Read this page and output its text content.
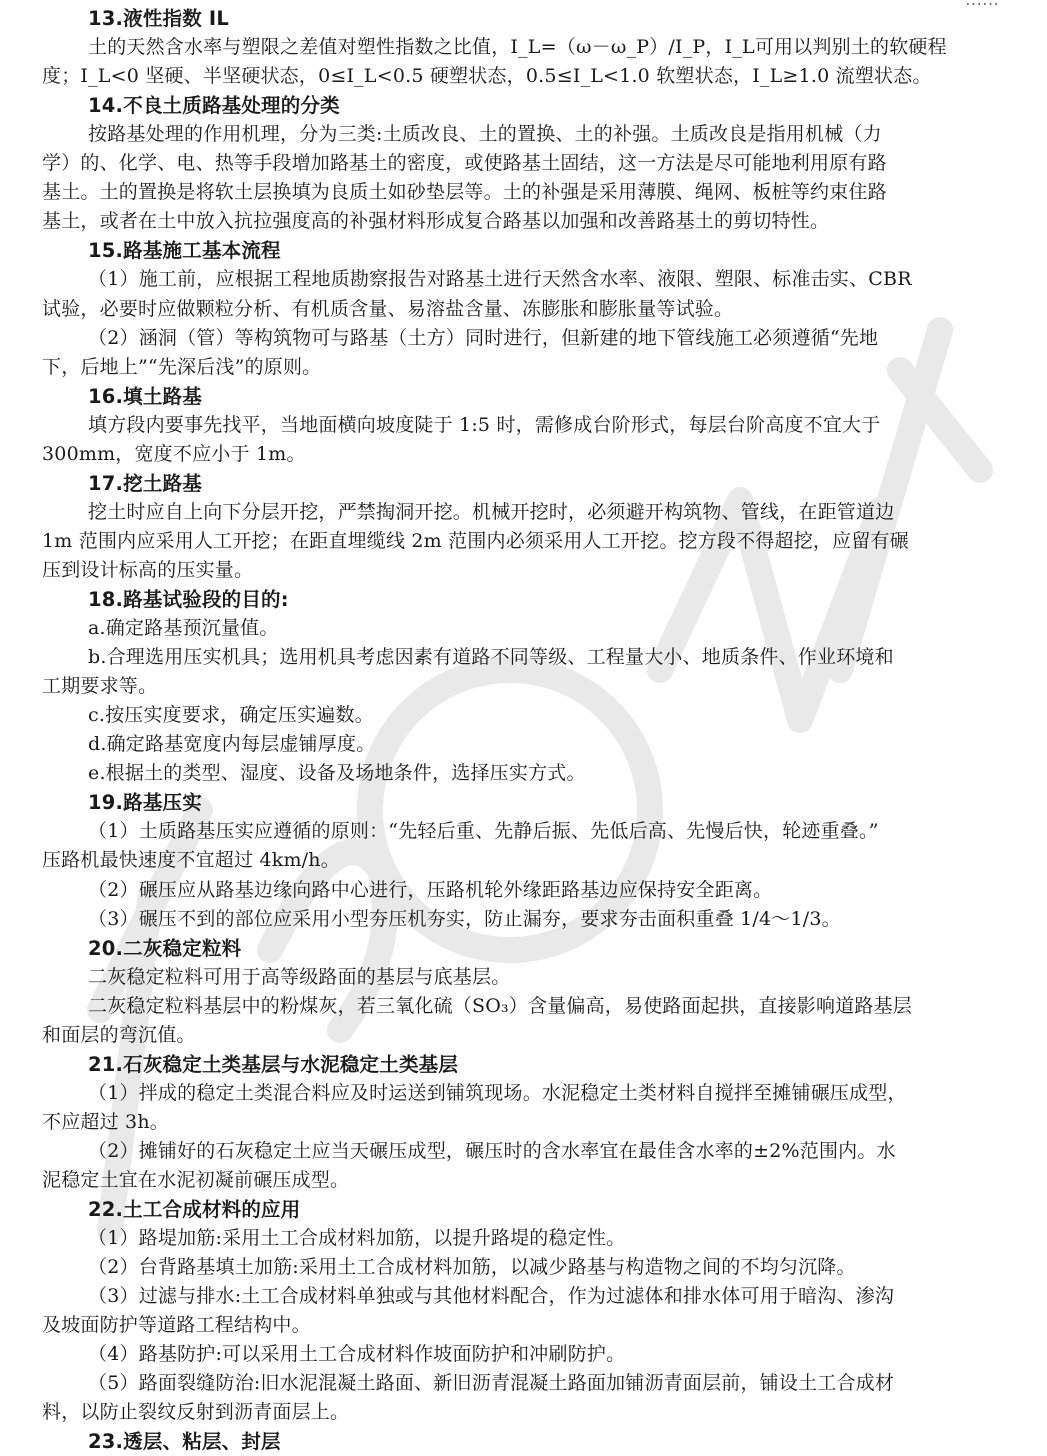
……
13.液性指数 IL
土的天然含水率与塑限之差值对塑性指数之比值，I_L=（ω－ω_P）/I_P，I_L可用以判别土的软硬程
度；I_L<0 坚硬、半坚硬状态，0≤I_L<0.5 硬塑状态，0.5≤I_L<1.0 软塑状态，I_L≥1.0 流塑状态。
14.不良土质路基处理的分类
按路基处理的作用机理，分为三类:土质改良、土的置换、土的补强。土质改良是指用机械（力
学）的、化学、电、热等手段增加路基土的密度，或使路基土固结，这一方法是尽可能地利用原有路
基土。土的置换是将软土层换填为良质土如砂垫层等。土的补强是采用薄膜、绳网、板桩等约束住路
基土，或者在土中放入抗拉强度高的补强材料形成复合路基以加强和改善路基土的剪切特性。
15.路基施工基本流程
（1）施工前，应根据工程地质勘察报告对路基土进行天然含水率、液限、塑限、标准击实、CBR
试验，必要时应做颗粒分析、有机质含量、易溶盐含量、冻膨胀和膨胀量等试验。
（2）涵洞（管）等构筑物可与路基（土方）同时进行，但新建的地下管线施工必须遵循“先地
下，后地上”“先深后浅”的原则。
16.填土路基
填方段内要事先找平，当地面横向坡度陡于 1:5 时，需修成台阶形式，每层台阶高度不宜大于
300mm，宽度不应小于 1m。
17.挖土路基
挖土时应自上向下分层开挖，严禁掏洞开挖。机械开挖时，必须避开构筑物、管线，在距管道边
1m 范围内应采用人工开挖；在距直埋缆线 2m 范围内必须采用人工开挖。挖方段不得超挖，应留有碾
压到设计标高的压实量。
18.路基试验段的目的:
a.确定路基预沉量值。
b.合理选用压实机具；选用机具考虑因素有道路不同等级、工程量大小、地质条件、作业环境和
工期要求等。
c.按压实度要求，确定压实遍数。
d.确定路基宽度内每层虚铺厚度。
e.根据土的类型、湿度、设备及场地条件，选择压实方式。
19.路基压实
（1）土质路基压实应遵循的原则：“先轻后重、先静后振、先低后高、先慢后快，轮迹重叠。”
压路机最快速度不宜超过 4km/h。
（2）碾压应从路基边缘向路中心进行，压路机轮外缘距路基边应保持安全距离。
（3）碾压不到的部位应采用小型夯压机夯实，防止漏夯，要求夯击面积重叠 1/4～1/3。
20.二灰稳定粒料
二灰稳定粒料可用于高等级路面的基层与底基层。
二灰稳定粒料基层中的粉煤灰，若三氧化硫（SO₃）含量偏高，易使路面起拱，直接影响道路基层
和面层的弯沉值。
21.石灰稳定土类基层与水泥稳定土类基层
（1）拌成的稳定土类混合料应及时运送到铺筑现场。水泥稳定土类材料自搅拌至摊铺碾压成型，
不应超过 3h。
（2）摊铺好的石灰稳定土应当天碾压成型，碾压时的含水率宜在最佳含水率的±2%范围内。水
泥稳定土宜在水泥初凝前碾压成型。
22.土工合成材料的应用
（1）路堤加筋:采用土工合成材料加筋，以提升路堤的稳定性。
（2）台背路基填土加筋:采用土工合成材料加筋，以减少路基与构造物之间的不均匀沉降。
（3）过滤与排水:土工合成材料单独或与其他材料配合，作为过滤体和排水体可用于暗沟、渗沟
及坡面防护等道路工程结构中。
（4）路基防护:可以采用土工合成材料作坡面防护和冲刷防护。
（5）路面裂缝防治:旧水泥混凝土路面、新旧沥青混凝土路面加铺沥青面层前，铺设土工合成材
料，以防止裂纹反射到沥青面层上。
23.透层、粘层、封层
